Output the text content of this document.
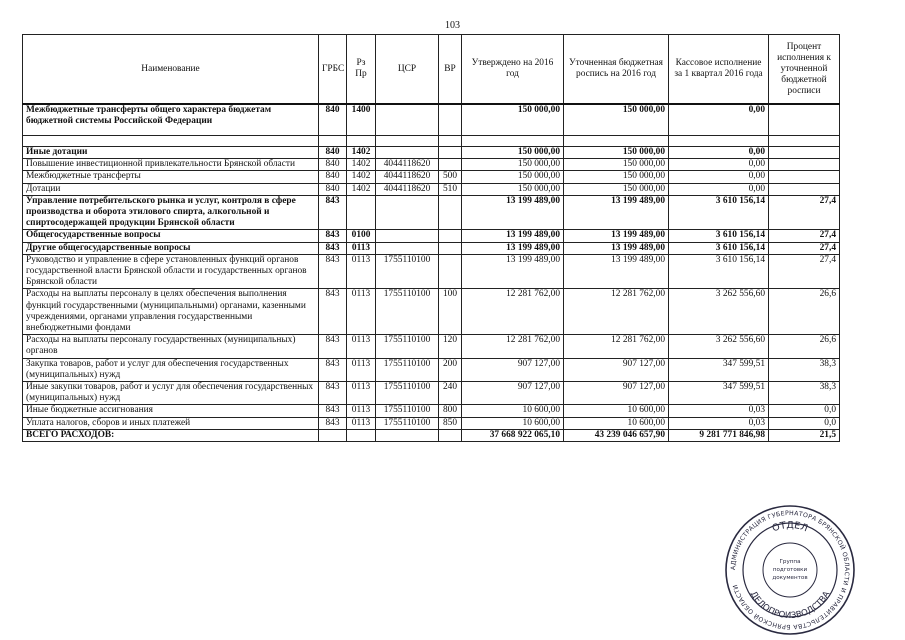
103
Наименование	ГРБС	Рз Пр	ЦСР	ВР	Утверждено на 2016 год	Уточненная бюджетная роспись на 2016 год	Кассовое исполнение за 1 квартал 2016 года	Процент исполнения к уточненной бюджетной росписи
Межбюджетные трансферты общего характера бюджетам бюджетной системы Российской Федерации	840	1400			150 000,00	150 000,00	0,00	

Иные дотации	840	1402			150 000,00	150 000,00	0,00	
Повышение инвестиционной привлекательности Брянской области	840	1402	4044118620		150 000,00	150 000,00	0,00	
Межбюджетные трансферты	840	1402	4044118620	500	150 000,00	150 000,00	0,00	
Дотации	840	1402	4044118620	510	150 000,00	150 000,00	0,00	
Управление потребительского рынка и услуг, контроля в сфере производства и оборота этилового спирта, алкогольной и спиртосодержащей продукции Брянской области	843				13 199 489,00	13 199 489,00	3 610 156,14	27,4
Общегосударственные вопросы	843	0100			13 199 489,00	13 199 489,00	3 610 156,14	27,4
Другие общегосударственные вопросы	843	0113			13 199 489,00	13 199 489,00	3 610 156,14	27,4
Руководство и управление в сфере установленных функций органов государственной власти Брянской области и государственных органов Брянской области	843	0113	1755110100		13 199 489,00	13 199 489,00	3 610 156,14	27,4
Расходы на выплаты персоналу в целях обеспечения выполнения функций государственными (муниципальными) органами, казенными учреждениями, органами управления государственными внебюджетными фондами	843	0113	1755110100	100	12 281 762,00	12 281 762,00	3 262 556,60	26,6
Расходы на выплаты персоналу государственных (муниципальных) органов	843	0113	1755110100	120	12 281 762,00	12 281 762,00	3 262 556,60	26,6
Закупка товаров, работ и услуг для обеспечения государственных (муниципальных) нужд	843	0113	1755110100	200	907 127,00	907 127,00	347 599,51	38,3
Иные закупки товаров, работ и услуг для обеспечения государственных (муниципальных) нужд	843	0113	1755110100	240	907 127,00	907 127,00	347 599,51	38,3
Иные бюджетные ассигнования	843	0113	1755110100	800	10 600,00	10 600,00	0,03	0,0
Уплата налогов, сборов и иных платежей	843	0113	1755110100	850	10 600,00	10 600,00	0,03	0,0
ВСЕГО РАСХОДОВ:					37 668 922 065,10	43 239 046 657,90	9 281 771 846,98	21,5
АДМИНИСТРАЦИЯ ГУБЕРНАТОРА БРЯНСКОЙ ОБЛАСТИ И ПРАВИТЕЛЬСТВА БРЯНСКОЙ ОБЛАСТИ
ОТДЕЛ
ДЕЛОПРОИЗВОДСТВА
Группа
подготовки
документов
